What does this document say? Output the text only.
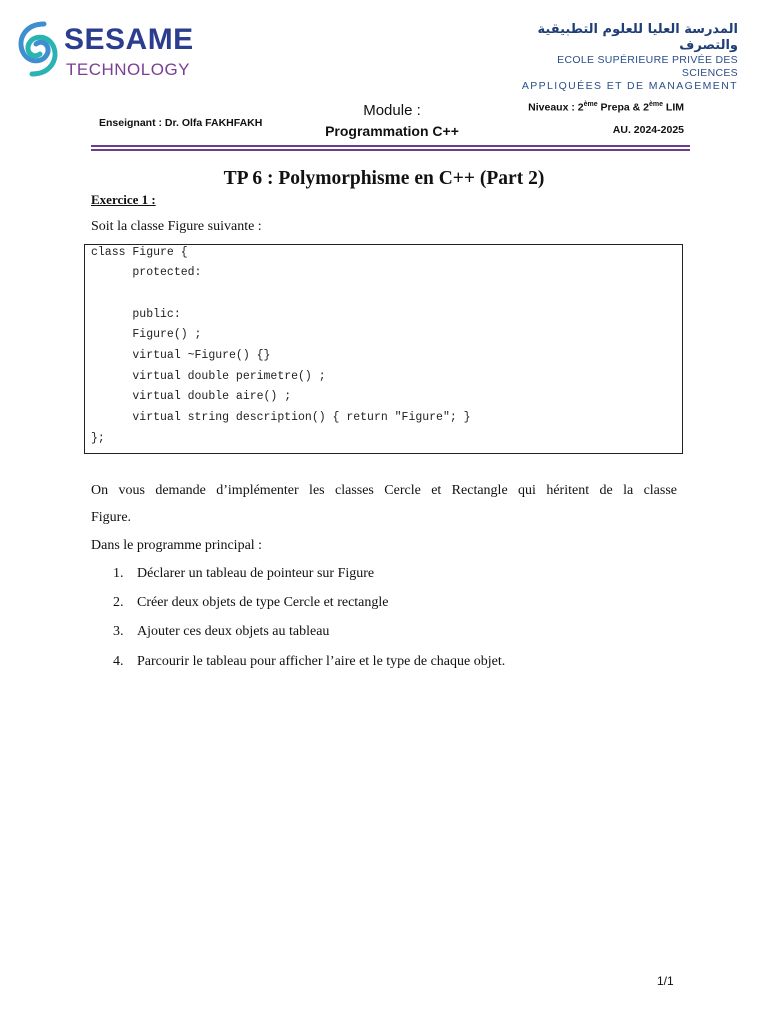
SESAME
TECHNOLOGY
المدرسة العليا للعلوم التطبيقية والتصرف
ECOLE SUPÉRIEURE PRIVÉE DES SCIENCES
APPLIQUÉES ET DE MANAGEMENT
Enseignant : Dr. Olfa FAKHFAKH
Module :
Programmation C++
Niveaux : 2ème Prepa & 2ème LIM
AU. 2024-2025
TP 6 : Polymorphisme en C++ (Part 2)
Exercice 1 :
Soit la classe Figure suivante :
class Figure {
protected:
public:
Figure() ;
virtual ~Figure() {}
virtual double perimetre() ;
virtual double aire() ;
virtual string description() { return "Figure"; }
};
On vous demande d’implémenter les classes Cercle et Rectangle qui héritent de la classe
Figure.
Dans le programme principal :
1. Déclarer un tableau de pointeur sur Figure
2. Créer deux objets de type Cercle et rectangle
3. Ajouter ces deux objets au tableau
4. Parcourir le tableau pour afficher l’aire et le type de chaque objet.
1/1
